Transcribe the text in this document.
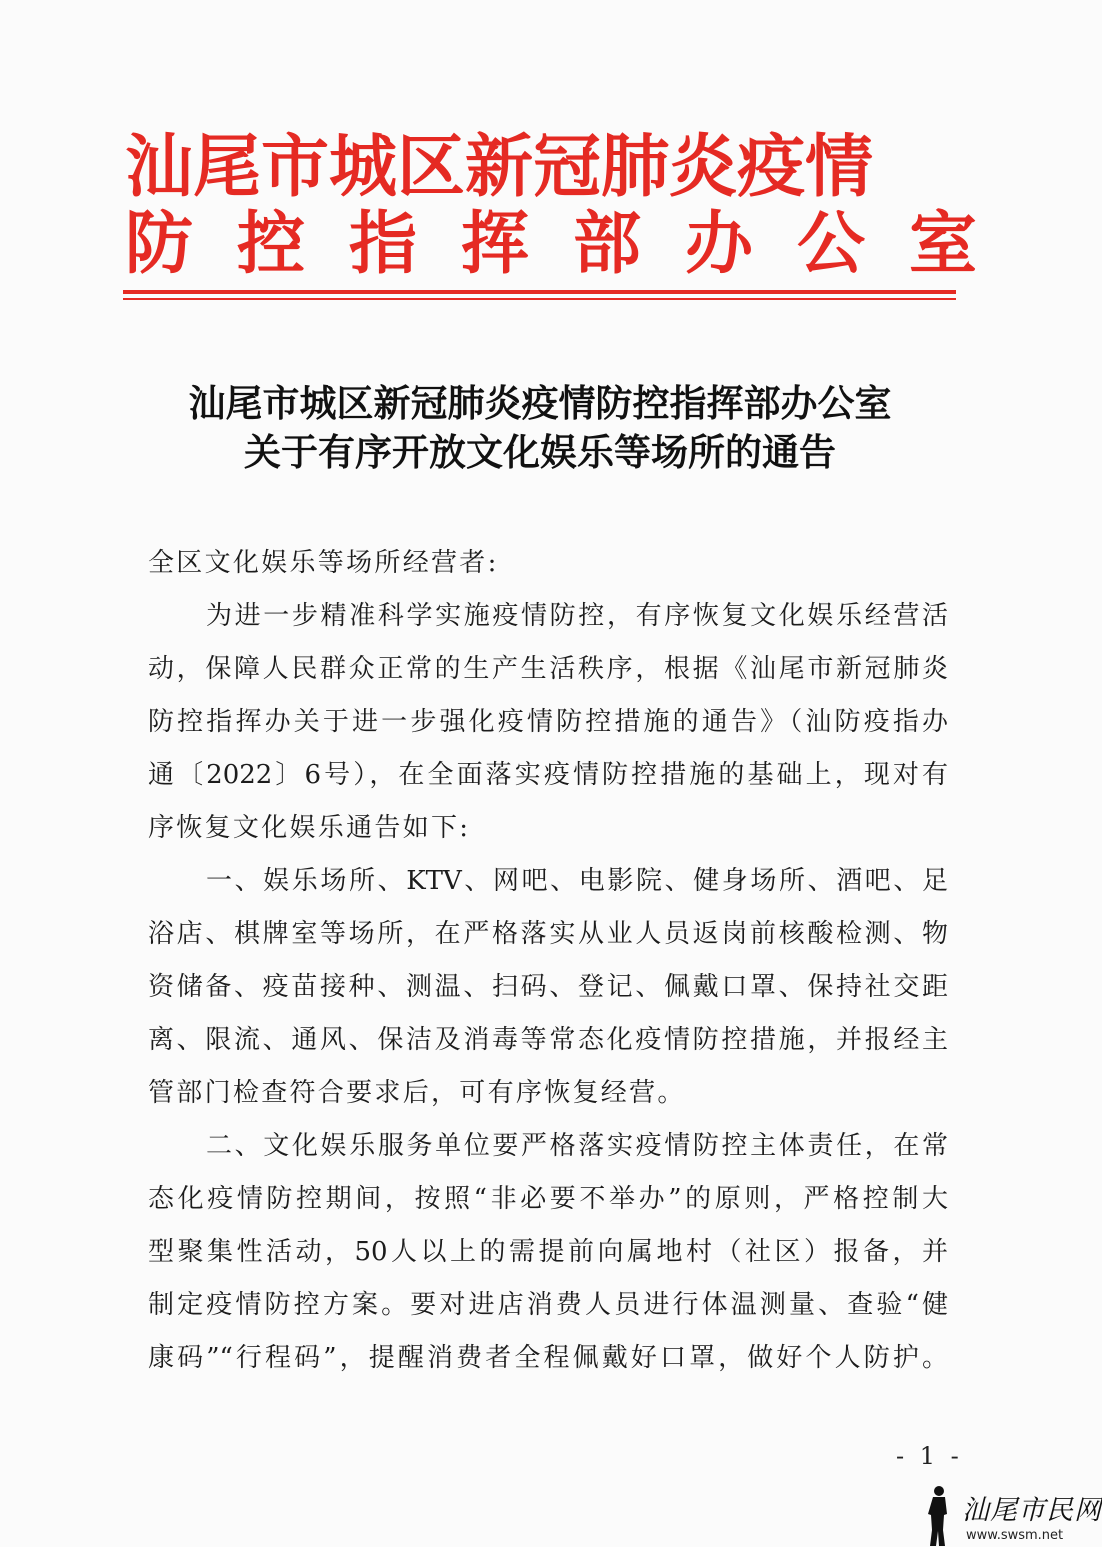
汕尾市城区新冠肺炎疫情
防控指挥部办公室
汕尾市城区新冠肺炎疫情防控指挥部办公室
关于有序开放文化娱乐等场所的通告
全区文化娱乐等场所经营者:
为进一步精准科学实施疫情防控，有序恢复文化娱乐经营活
动，保障人民群众正常的生产生活秩序，根据《汕尾市新冠肺炎
防控指挥办关于进一步强化疫情防控措施的通告》（汕防疫指办
通〔2022〕6号），在全面落实疫情防控措施的基础上，现对有
序恢复文化娱乐通告如下:
一、娱乐场所、KTV、网吧、电影院、健身场所、酒吧、足
浴店、棋牌室等场所，在严格落实从业人员返岗前核酸检测、物
资储备、疫苗接种、测温、扫码、登记、佩戴口罩、保持社交距
离、限流、通风、保洁及消毒等常态化疫情防控措施，并报经主
管部门检查符合要求后，可有序恢复经营。
二、文化娱乐服务单位要严格落实疫情防控主体责任，在常
态化疫情防控期间，按照“非必要不举办”的原则，严格控制大
型聚集性活动，50人以上的需提前向属地村（社区）报备，并
制定疫情防控方案。要对进店消费人员进行体温测量、查验“健
康码”“行程码”，提醒消费者全程佩戴好口罩，做好个人防护。
- 1 -
汕尾市民网
www.swsm.net
